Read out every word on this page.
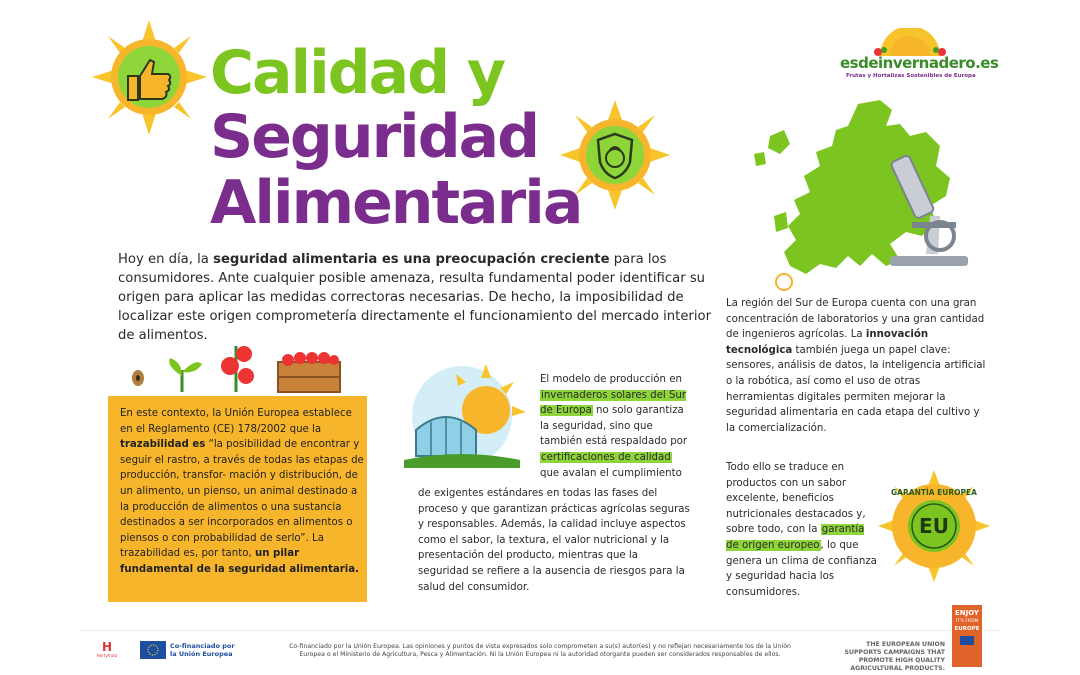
Calidad y
Seguridad
Alimentaria
esdeinvernadero.es
Frutas y Hortalizas Sostenibles de Europa
Hoy en día, la seguridad alimentaria es una preocupación creciente para los consumidores. Ante cualquier posible amenaza, resulta fundamental poder identificar su origen para aplicar las medidas correctoras necesarias. De hecho, la imposibilidad de localizar este origen comprometería directamente el funcionamiento del mercado interior de alimentos.
En este contexto, la Unión Europea establece en el Reglamento (CE) 178/2002 que la trazabilidad es “la posibilidad de encontrar y seguir el rastro, a través de todas las etapas de producción, transfor- mación y distribución, de un alimento, un pienso, un animal destinado a la producción de alimentos o una sustancia destinados a ser incorporados en alimentos o piensos o con probabilidad de serlo”. La trazabilidad es, por tanto, un pilar fundamental de la seguridad alimentaria.
El modelo de producción en invernaderos solares del Sur de Europa no solo garantiza la seguridad, sino que también está respaldado por certificaciones de calidad que avalan el cumplimiento
de exigentes estándares en todas las fases del proceso y que garantizan prácticas agrícolas seguras y responsables. Además, la calidad incluye aspectos como el sabor, la textura, el valor nutricional y la presentación del producto, mientras que la seguridad se refiere a la ausencia de riesgos para la salud del consumidor.
La región del Sur de Europa cuenta con una gran concentración de laboratorios y una gran cantidad de ingenieros agrícolas. La innovación tecnológica también juega un papel clave: sensores, análisis de datos, la inteligencia artificial o la robótica, así como el uso de otras herramientas digitales permiten mejorar la seguridad alimentaria en cada etapa del cultivo y la comercialización.
Todo ello se traduce en productos con un sabor excelente, beneficios nutricionales destacados y, sobre todo, con la garantía de origen europeo, lo que genera un clima de confianza y seguridad hacia los consumidores.
GARANTÍA EUROPEA
EU
H
Hortyfruta
Co-financiado por
la Unión Europea
Co-financiado por la Unión Europea. Las opiniones y puntos de vista expresados solo comprometen a su(s) autor(es) y no reflejan necesariamente los de la Unión Europea o el Ministerio de Agricultura, Pesca y Alimentación. Ni la Unión Europea ni la autoridad otorgante pueden ser considerados responsables de ellos.
THE EUROPEAN UNION SUPPORTS CAMPAIGNS THAT PROMOTE HIGH QUALITY AGRICULTURAL PRODUCTS.
ENJOY
IT'S FROM
EUROPE
